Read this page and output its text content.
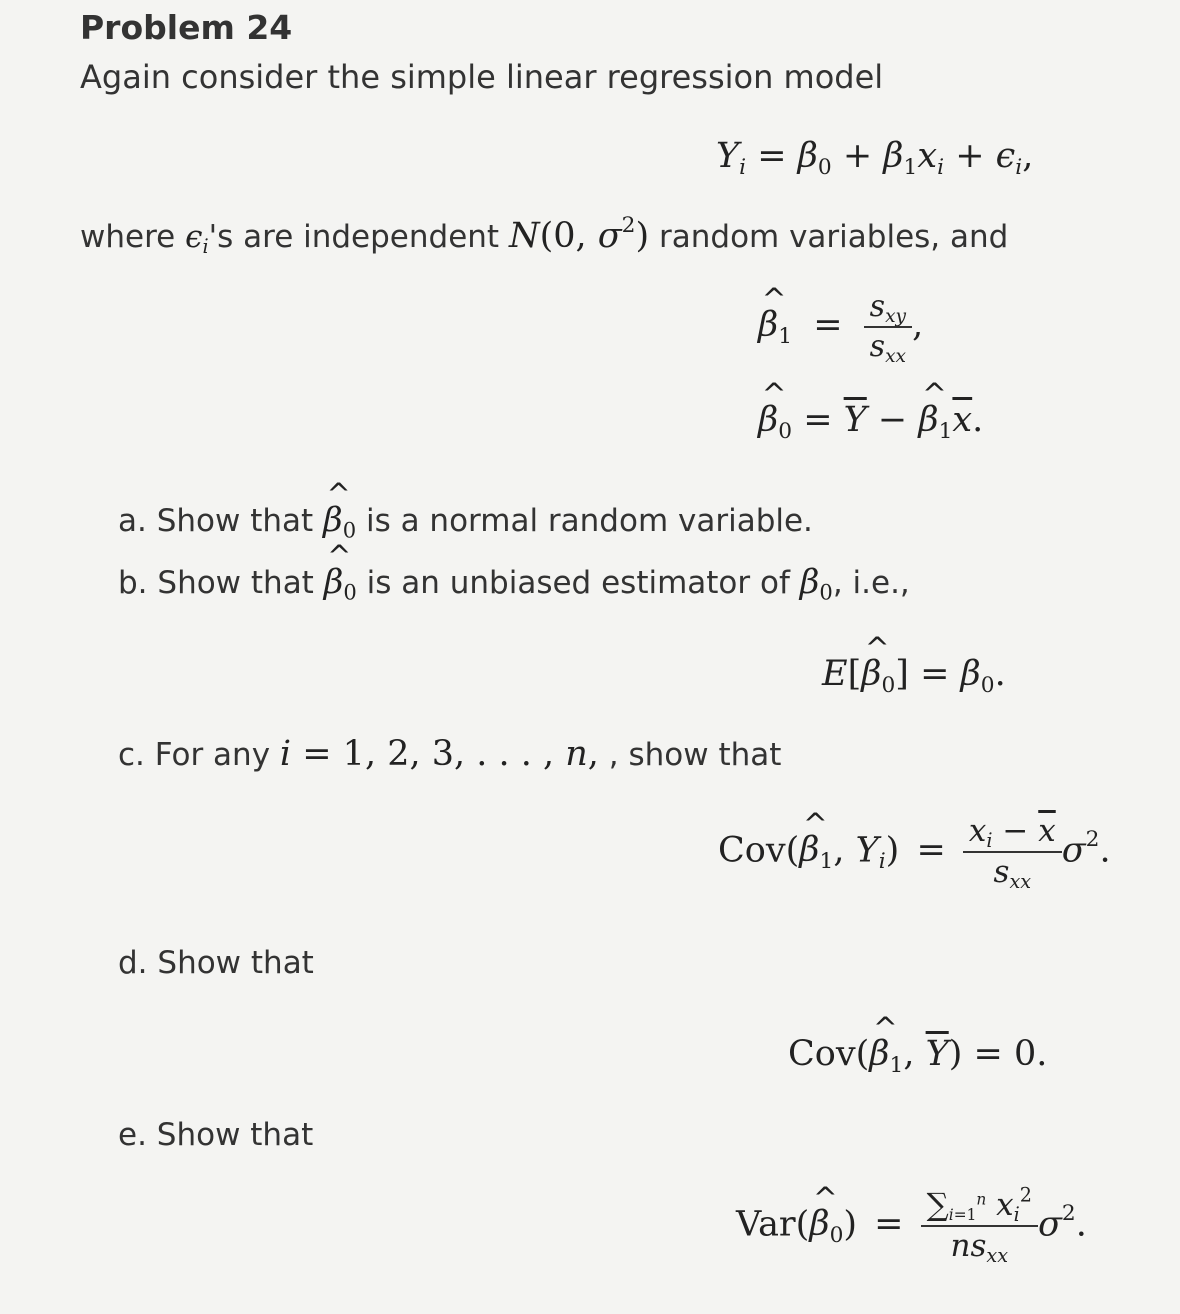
Problem 24
Again consider the simple linear regression model
$Y_i = \beta_0 + \beta_1x_i + \epsilon_i$,
where $\epsilon_i's$ are independent N(0, $\sigma^2$) random variables, and
^ $\beta_1 = \frac{s_{xy}}{s_{xx}}$ ,
^ $\beta_0 = \overline{Y}$ − ^ $\beta_1\overline{x}$.
a. Show that ^ $\beta_0$ is a normal random variable.
b. Show that ^ $\beta_0$ is an unbiased estimator of $\beta_0$, i.e.,
E[^ $\beta_0] = \beta_0$.
c. For any i = 1, 2, 3, . . . , n, , show that
Cov(^ $\beta_1$, $Y_i) = \frac{x_i - \overline{x}}{s_{xx}} \sigma^2$.
d. Show that
Cov(^ $\beta_1$, $\overline{Y}) = 0$.
e. Show that
Var(^ $\beta_0) = \frac{\sum_{i=1}^n x_i^2}{ns_{xx}} \sigma^2$.
